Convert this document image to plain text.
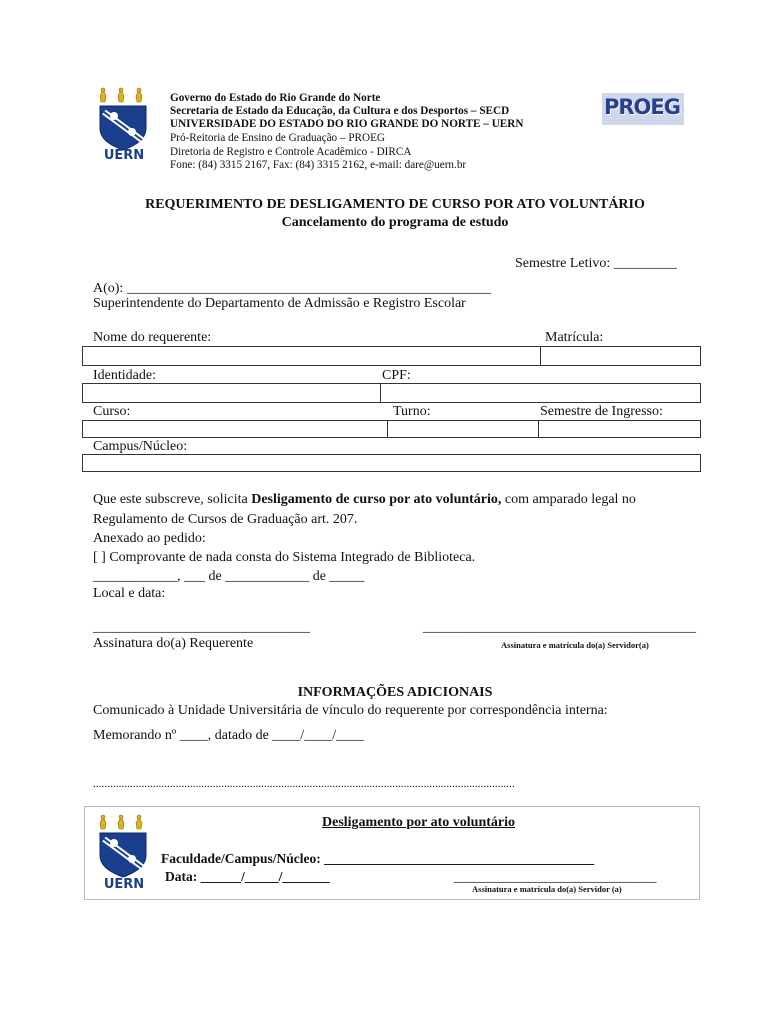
UERN
Governo do Estado do Rio Grande do Norte
Secretaria de Estado da Educação, da Cultura e dos Desportos – SECD
UNIVERSIDADE DO ESTADO DO RIO GRANDE DO NORTE – UERN
Pró-Reitoria de Ensino de Graduação – PROEG
Diretoria de Registro e Controle Acadêmico - DIRCA
Fone: (84) 3315 2167, Fax: (84) 3315 2162, e-mail: dare@uern.br
PROEG
REQUERIMENTO DE DESLIGAMENTO DE CURSO POR ATO VOLUNTÁRIO
Cancelamento do programa de estudo
Semestre Letivo: _________
A(o): ____________________________________________________
Superintendente do Departamento de Admissão e Registro Escolar
Nome do requerente:	Matrícula:
Identidade:	CPF:
Curso:	Turno:	Semestre de Ingresso:
Campus/Núcleo:
Que este subscreve, solicita Desligamento de curso por ato voluntário, com amparado legal no
Regulamento de Cursos de Graduação art. 207.
Anexado ao pedido:
[ ] Comprovante de nada consta do Sistema Integrado de Biblioteca.
____________, ___ de ____________ de _____
Local e data:
_______________________________	_______________________________________
Assinatura do(a) Requerente	Assinatura e matrícula do(a) Servidor(a)
INFORMAÇÕES ADICIONAIS
Comunicado à Unidade Universitária de vínculo do requerente por correspondência interna:
Memorando nº ____, datado de ____/____/____
....................................................................................................................................................
UERN
Desligamento por ato voluntário
Faculdade/Campus/Núcleo: ________________________________________
Data: ______/_____/_______	______________________________
Assinatura e matrícula do(a) Servidor (a)
